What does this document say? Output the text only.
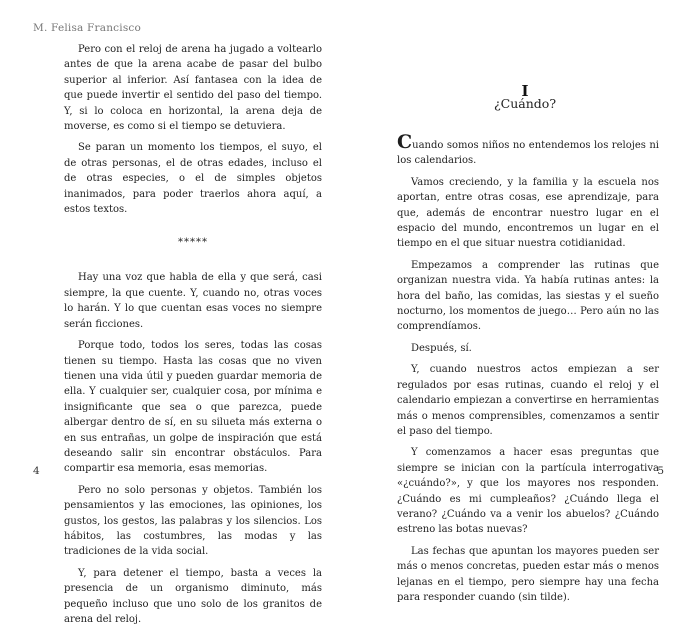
M. Felisa Francisco

Pero con el reloj de arena ha jugado a voltearlo antes de que la arena acabe de pasar del bulbo superior al inferior. Así fantasea con la idea de que puede invertir el sentido del paso del tiempo. Y, si lo coloca en horizontal, la arena deja de moverse, es como si el tiempo se detuviera.

Se paran un momento los tiempos, el suyo, el de otras personas, el de otras edades, incluso el de otras especies, o el de simples objetos inanimados, para poder traerlos ahora aquí, a estos textos.

*****

Hay una voz que habla de ella y que será, casi siempre, la que cuente. Y, cuando no, otras voces lo harán. Y lo que cuentan esas voces no siempre serán ficciones.

Porque todo, todos los seres, todas las cosas tienen su tiempo. Hasta las cosas que no viven tienen una vida útil y pueden guardar memoria de ella. Y cualquier ser, cualquier cosa, por mínima e insignificante que sea o que parezca, puede albergar dentro de sí, en su silueta más externa o en sus entrañas, un golpe de inspiración que está deseando salir sin encontrar obstáculos. Para compartir esa memoria, esas memorias.

Pero no solo personas y objetos. También los pensamientos y las emociones, las opiniones, los gustos, los gestos, las palabras y los silencios. Los hábitos, las costumbres, las modas y las tradiciones de la vida social.

Y, para detener el tiempo, basta a veces la presencia de un organismo diminuto, más pequeño incluso que uno solo de los granitos de arena del reloj.

4
I
¿Cuándo?

Cuando somos niños no entendemos los relojes ni los calendarios.

Vamos creciendo, y la familia y la escuela nos aportan, entre otras cosas, ese aprendizaje, para que, además de encontrar nuestro lugar en el espacio del mundo, encontremos un lugar en el tiempo en el que situar nuestra cotidianidad.

Empezamos a comprender las rutinas que organizan nuestra vida. Ya había rutinas antes: la hora del baño, las comidas, las siestas y el sueño nocturno, los momentos de juego… Pero aún no las comprendíamos.

Después, sí.

Y, cuando nuestros actos empiezan a ser regulados por esas rutinas, cuando el reloj y el calendario empiezan a convertirse en herramientas más o menos comprensibles, comenzamos a sentir el paso del tiempo.

Y comenzamos a hacer esas preguntas que siempre se inician con la partícula interrogativa «¿cuándo?», y que los mayores nos responden. ¿Cuándo es mi cumpleaños? ¿Cuándo llega el verano? ¿Cuándo va a venir los abuelos? ¿Cuándo estreno las botas nuevas?

Las fechas que apuntan los mayores pueden ser más o menos concretas, pueden estar más o menos lejanas en el tiempo, pero siempre hay una fecha para responder cuando (sin tilde).

5
